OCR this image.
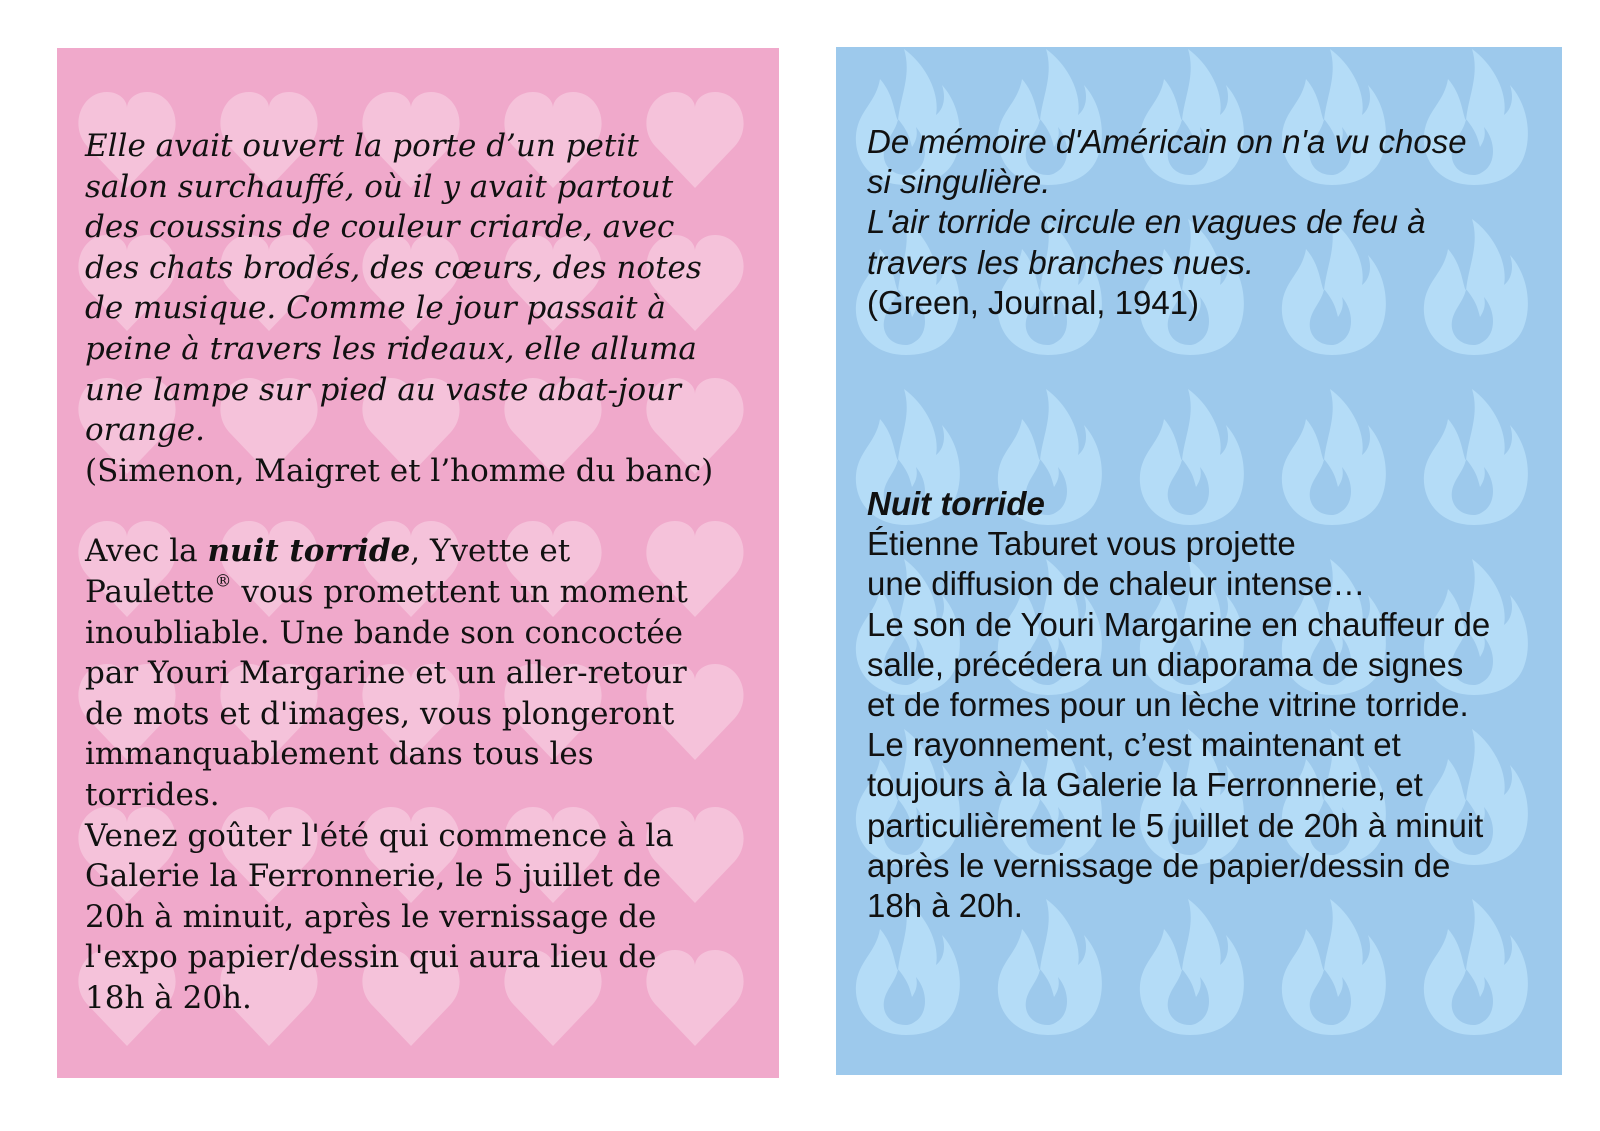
Elle avait ouvert la porte d’un petit
salon surchauffé, où il y avait partout
des coussins de couleur criarde, avec
des chats brodés, des cœurs, des notes
de musique. Comme le jour passait à
peine à travers les rideaux, elle alluma
une lampe sur pied au vaste abat-jour
orange.
(Simenon, Maigret et l’homme du banc)
Avec la nuit torride, Yvette et
Paulette® vous promettent un moment
inoubliable. Une bande son concoctée
par Youri Margarine et un aller-retour
de mots et d'images, vous plongeront
immanquablement dans tous les
torrides.
Venez goûter l'été qui commence à la
Galerie la Ferronnerie, le 5 juillet de
20h à minuit, après le vernissage de
l'expo papier/dessin qui aura lieu de
18h à 20h.
De mémoire d'Américain on n'a vu chose
si singulière.
L'air torride circule en vagues de feu à
travers les branches nues.
(Green, Journal, 1941)
Nuit torride
Étienne Taburet vous projette
une diffusion de chaleur intense…
Le son de Youri Margarine en chauffeur de
salle, précédera un diaporama de signes
et de formes pour un lèche vitrine torride.
Le rayonnement, c’est maintenant et
toujours à la Galerie la Ferronnerie, et
particulièrement le 5 juillet de 20h à minuit
après le vernissage de papier/dessin de
18h à 20h.
